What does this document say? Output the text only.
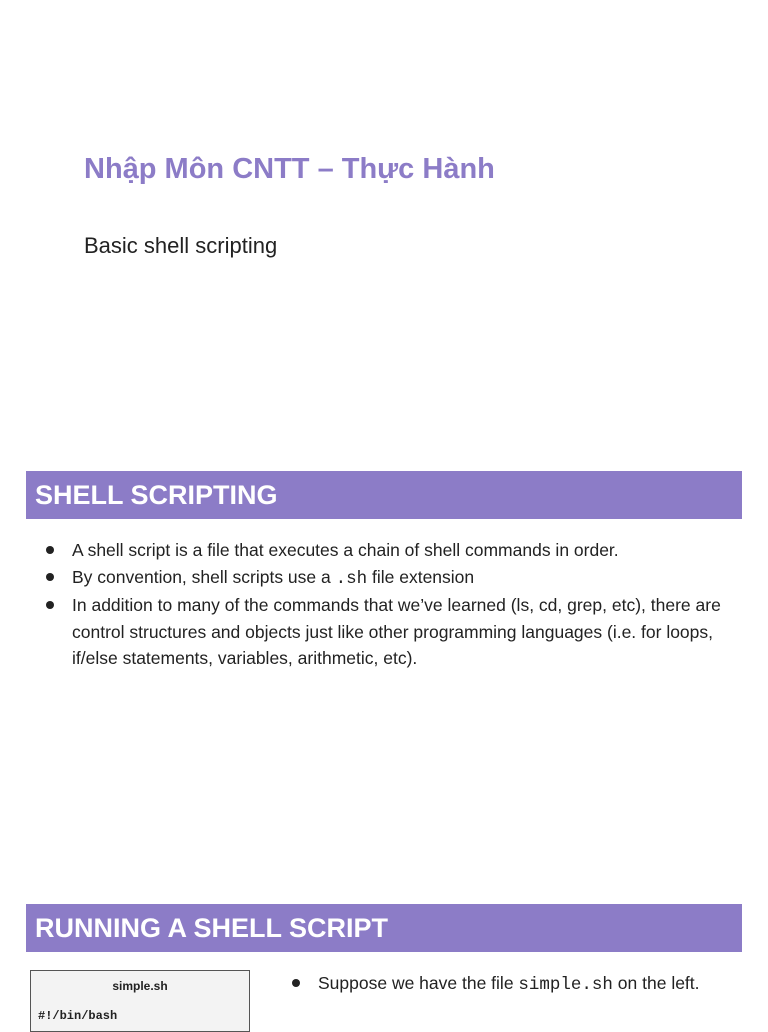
Nhập Môn CNTT – Thực Hành
Basic shell scripting
SHELL SCRIPTING
A shell script is a file that executes a chain of shell commands in order.
By convention, shell scripts use a .sh file extension
In addition to many of the commands that we’ve learned (ls, cd, grep, etc), there are control structures and objects just like other programming languages (i.e. for loops, if/else statements, variables, arithmetic, etc).
RUNNING A SHELL SCRIPT
simple.sh
#!/bin/bash
Suppose we have the file simple.sh on the left.
